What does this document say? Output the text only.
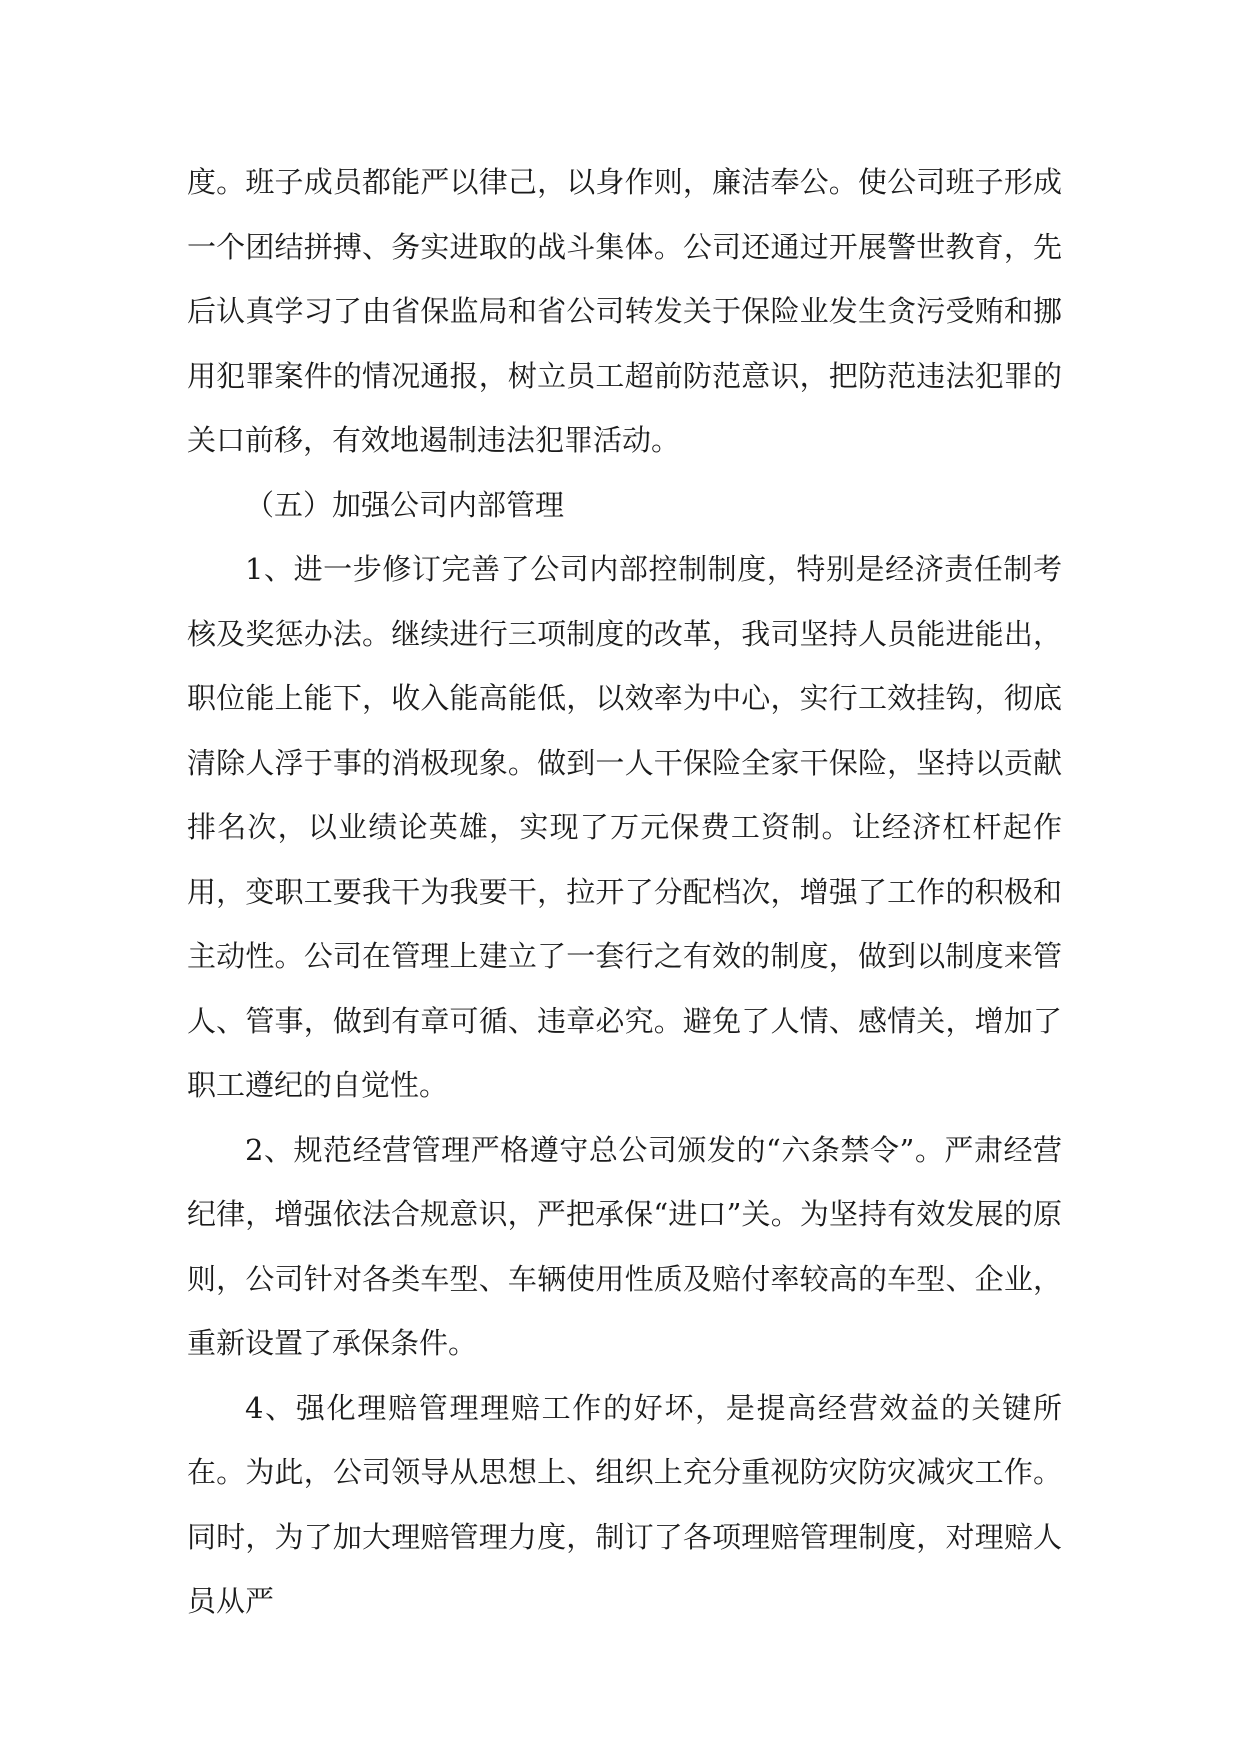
度。班子成员都能严以律己，以身作则，廉洁奉公。使公司班子形成一个团结拼搏、务实进取的战斗集体。公司还通过开展警世教育，先后认真学习了由省保监局和省公司转发关于保险业发生贪污受贿和挪用犯罪案件的情况通报，树立员工超前防范意识，把防范违法犯罪的关口前移，有效地遏制违法犯罪活动。

（五）加强公司内部管理

1、进一步修订完善了公司内部控制制度，特别是经济责任制考核及奖惩办法。继续进行三项制度的改革，我司坚持人员能进能出，职位能上能下，收入能高能低，以效率为中心，实行工效挂钩，彻底清除人浮于事的消极现象。做到一人干保险全家干保险，坚持以贡献排名次，以业绩论英雄，实现了万元保费工资制。让经济杠杆起作用，变职工要我干为我要干，拉开了分配档次，增强了工作的积极和主动性。公司在管理上建立了一套行之有效的制度，做到以制度来管人、管事，做到有章可循、违章必究。避免了人情、感情关，增加了职工遵纪的自觉性。

2、规范经营管理严格遵守总公司颁发的“六条禁令”。严肃经营纪律，增强依法合规意识，严把承保“进口”关。为坚持有效发展的原则，公司针对各类车型、车辆使用性质及赔付率较高的车型、企业，重新设置了承保条件。

4、强化理赔管理理赔工作的好坏，是提高经营效益的关键所在。为此，公司领导从思想上、组织上充分重视防灾防灾减灾工作。同时，为了加大理赔管理力度，制订了各项理赔管理制度，对理赔人员从严
